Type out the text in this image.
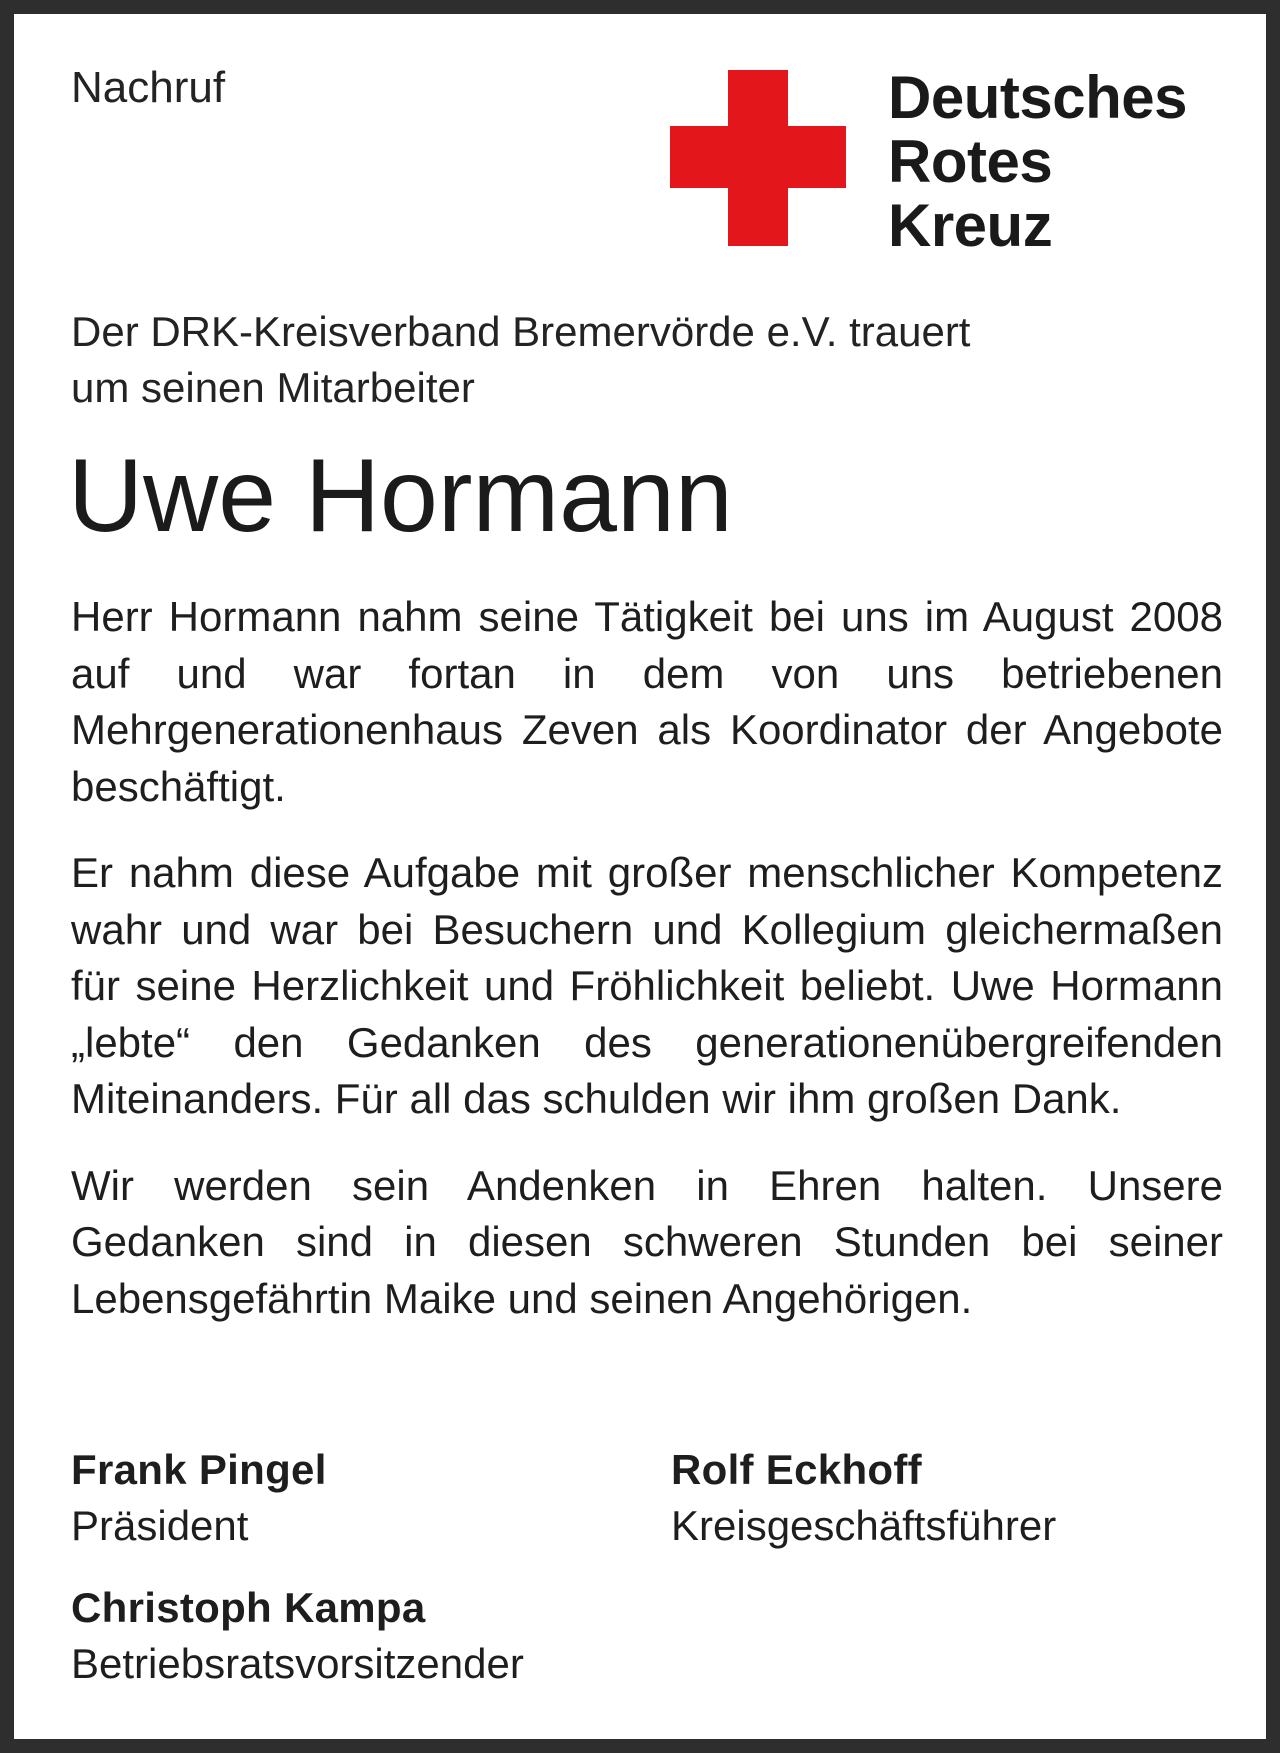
Nachruf	Deutsches
Rotes
Kreuz
Der DRK-Kreisverband Bremervörde e.V. trauert
um seinen Mitarbeiter
Uwe Hormann

Herr Hormann nahm seine Tätigkeit bei uns im August 2008 auf und war fortan in dem von uns betriebenen Mehrgenerationenhaus Zeven als Koordinator der Angebote beschäftigt.

Er nahm diese Aufgabe mit großer menschlicher Kompetenz wahr und war bei Besuchern und Kollegium gleichermaßen für seine Herzlichkeit und Fröhlichkeit beliebt. Uwe Hormann „lebte“ den Gedanken des generationenübergreifenden Miteinanders. Für all das schulden wir ihm großen Dank.

Wir werden sein Andenken in Ehren halten. Unsere Gedanken sind in diesen schweren Stunden bei seiner Lebensgefährtin Maike und seinen Angehörigen.

Frank Pingel
Präsident
Rolf Eckhoff
Kreisgeschäftsführer
Christoph Kampa
Betriebsratsvorsitzender
